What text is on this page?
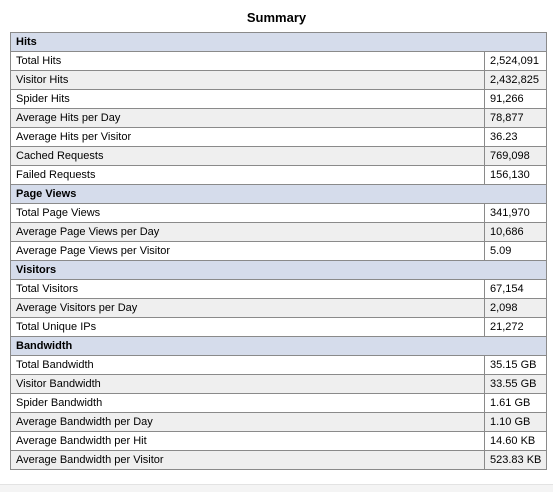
Summary
Hits	
Total Hits	2,524,091
Visitor Hits	2,432,825
Spider Hits	91,266
Average Hits per Day	78,877
Average Hits per Visitor	36.23
Cached Requests	769,098
Failed Requests	156,130
Page Views	
Total Page Views	341,970
Average Page Views per Day	10,686
Average Page Views per Visitor	5.09
Visitors	
Total Visitors	67,154
Average Visitors per Day	2,098
Total Unique IPs	21,272
Bandwidth	
Total Bandwidth	35.15 GB
Visitor Bandwidth	33.55 GB
Spider Bandwidth	1.61 GB
Average Bandwidth per Day	1.10 GB
Average Bandwidth per Hit	14.60 KB
Average Bandwidth per Visitor	523.83 KB
